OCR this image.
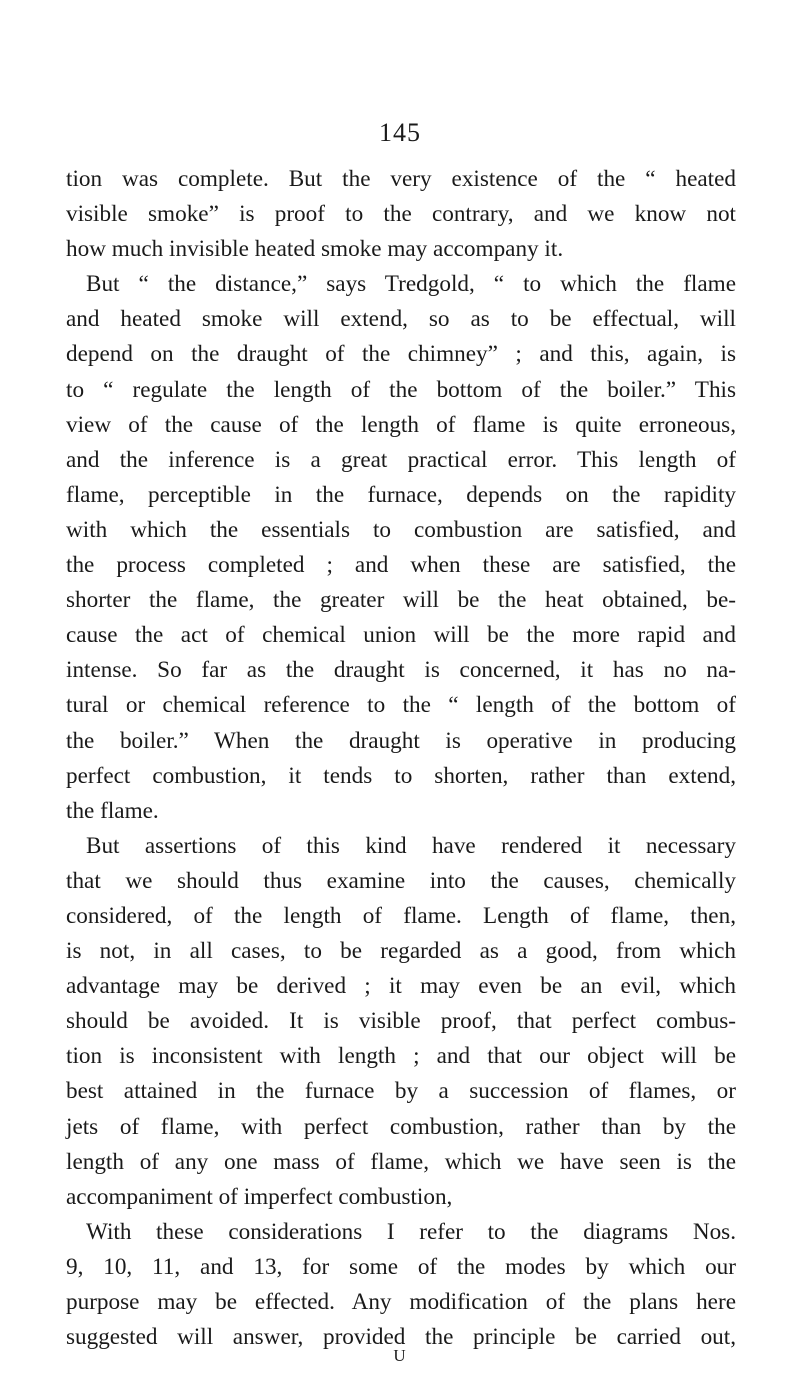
145
tion was complete. But the very existence of the “ heated
visible smoke” is proof to the contrary, and we know not
how much invisible heated smoke may accompany it.
But “ the distance,” says Tredgold, “ to which the flame
and heated smoke will extend, so as to be effectual, will
depend on the draught of the chimney” ; and this, again, is
to “ regulate the length of the bottom of the boiler.” This
view of the cause of the length of flame is quite erroneous,
and the inference is a great practical error. This length of
flame, perceptible in the furnace, depends on the rapidity
with which the essentials to combustion are satisfied, and
the process completed ; and when these are satisfied, the
shorter the flame, the greater will be the heat obtained, be-
cause the act of chemical union will be the more rapid and
intense. So far as the draught is concerned, it has no na-
tural or chemical reference to the “ length of the bottom of
the boiler.” When the draught is operative in producing
perfect combustion, it tends to shorten, rather than extend,
the flame.
But assertions of this kind have rendered it necessary
that we should thus examine into the causes, chemically
considered, of the length of flame. Length of flame, then,
is not, in all cases, to be regarded as a good, from which
advantage may be derived ; it may even be an evil, which
should be avoided. It is visible proof, that perfect combus-
tion is inconsistent with length ; and that our object will be
best attained in the furnace by a succession of flames, or
jets of flame, with perfect combustion, rather than by the
length of any one mass of flame, which we have seen is the
accompaniment of imperfect combustion,
With these considerations I refer to the diagrams Nos.
9, 10, 11, and 13, for some of the modes by which our
purpose may be effected. Any modification of the plans here
suggested will answer, provided the principle be carried out,
U
